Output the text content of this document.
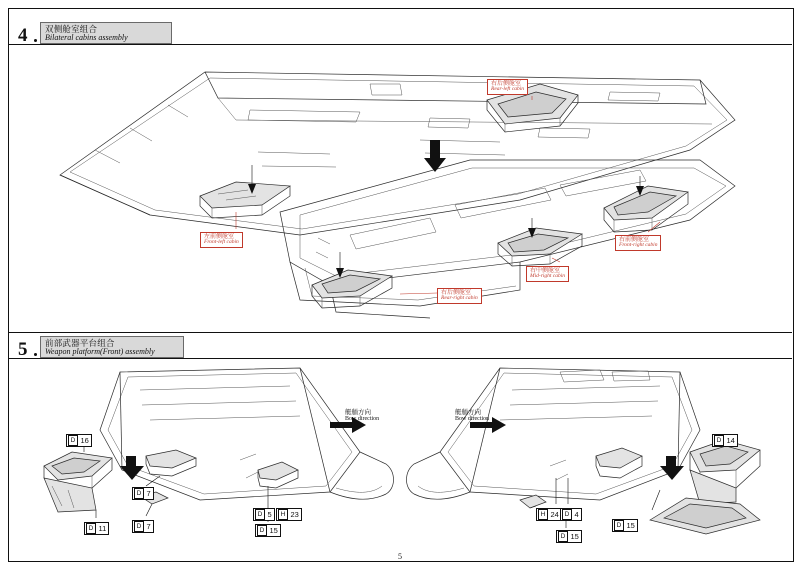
4 双侧舱室组合
Bilateral cabins assembly
右后侧舱室
Rear-left cabin
左前侧舱室
Front-left cabin
右后侧舱室
Rear-right cabin
右中侧舱室
Mid-right cabin
右前侧舱室
Front-right cabin
5 前部武器平台组合
Weapon platform(Front) assembly
艇艏方向
Bow direction
艇艏方向
Bow direction
D 16
D 11
D 7
D 7
D 5	H 23
D 15
H 24 D 4
D 15
D 14
D 15
5
